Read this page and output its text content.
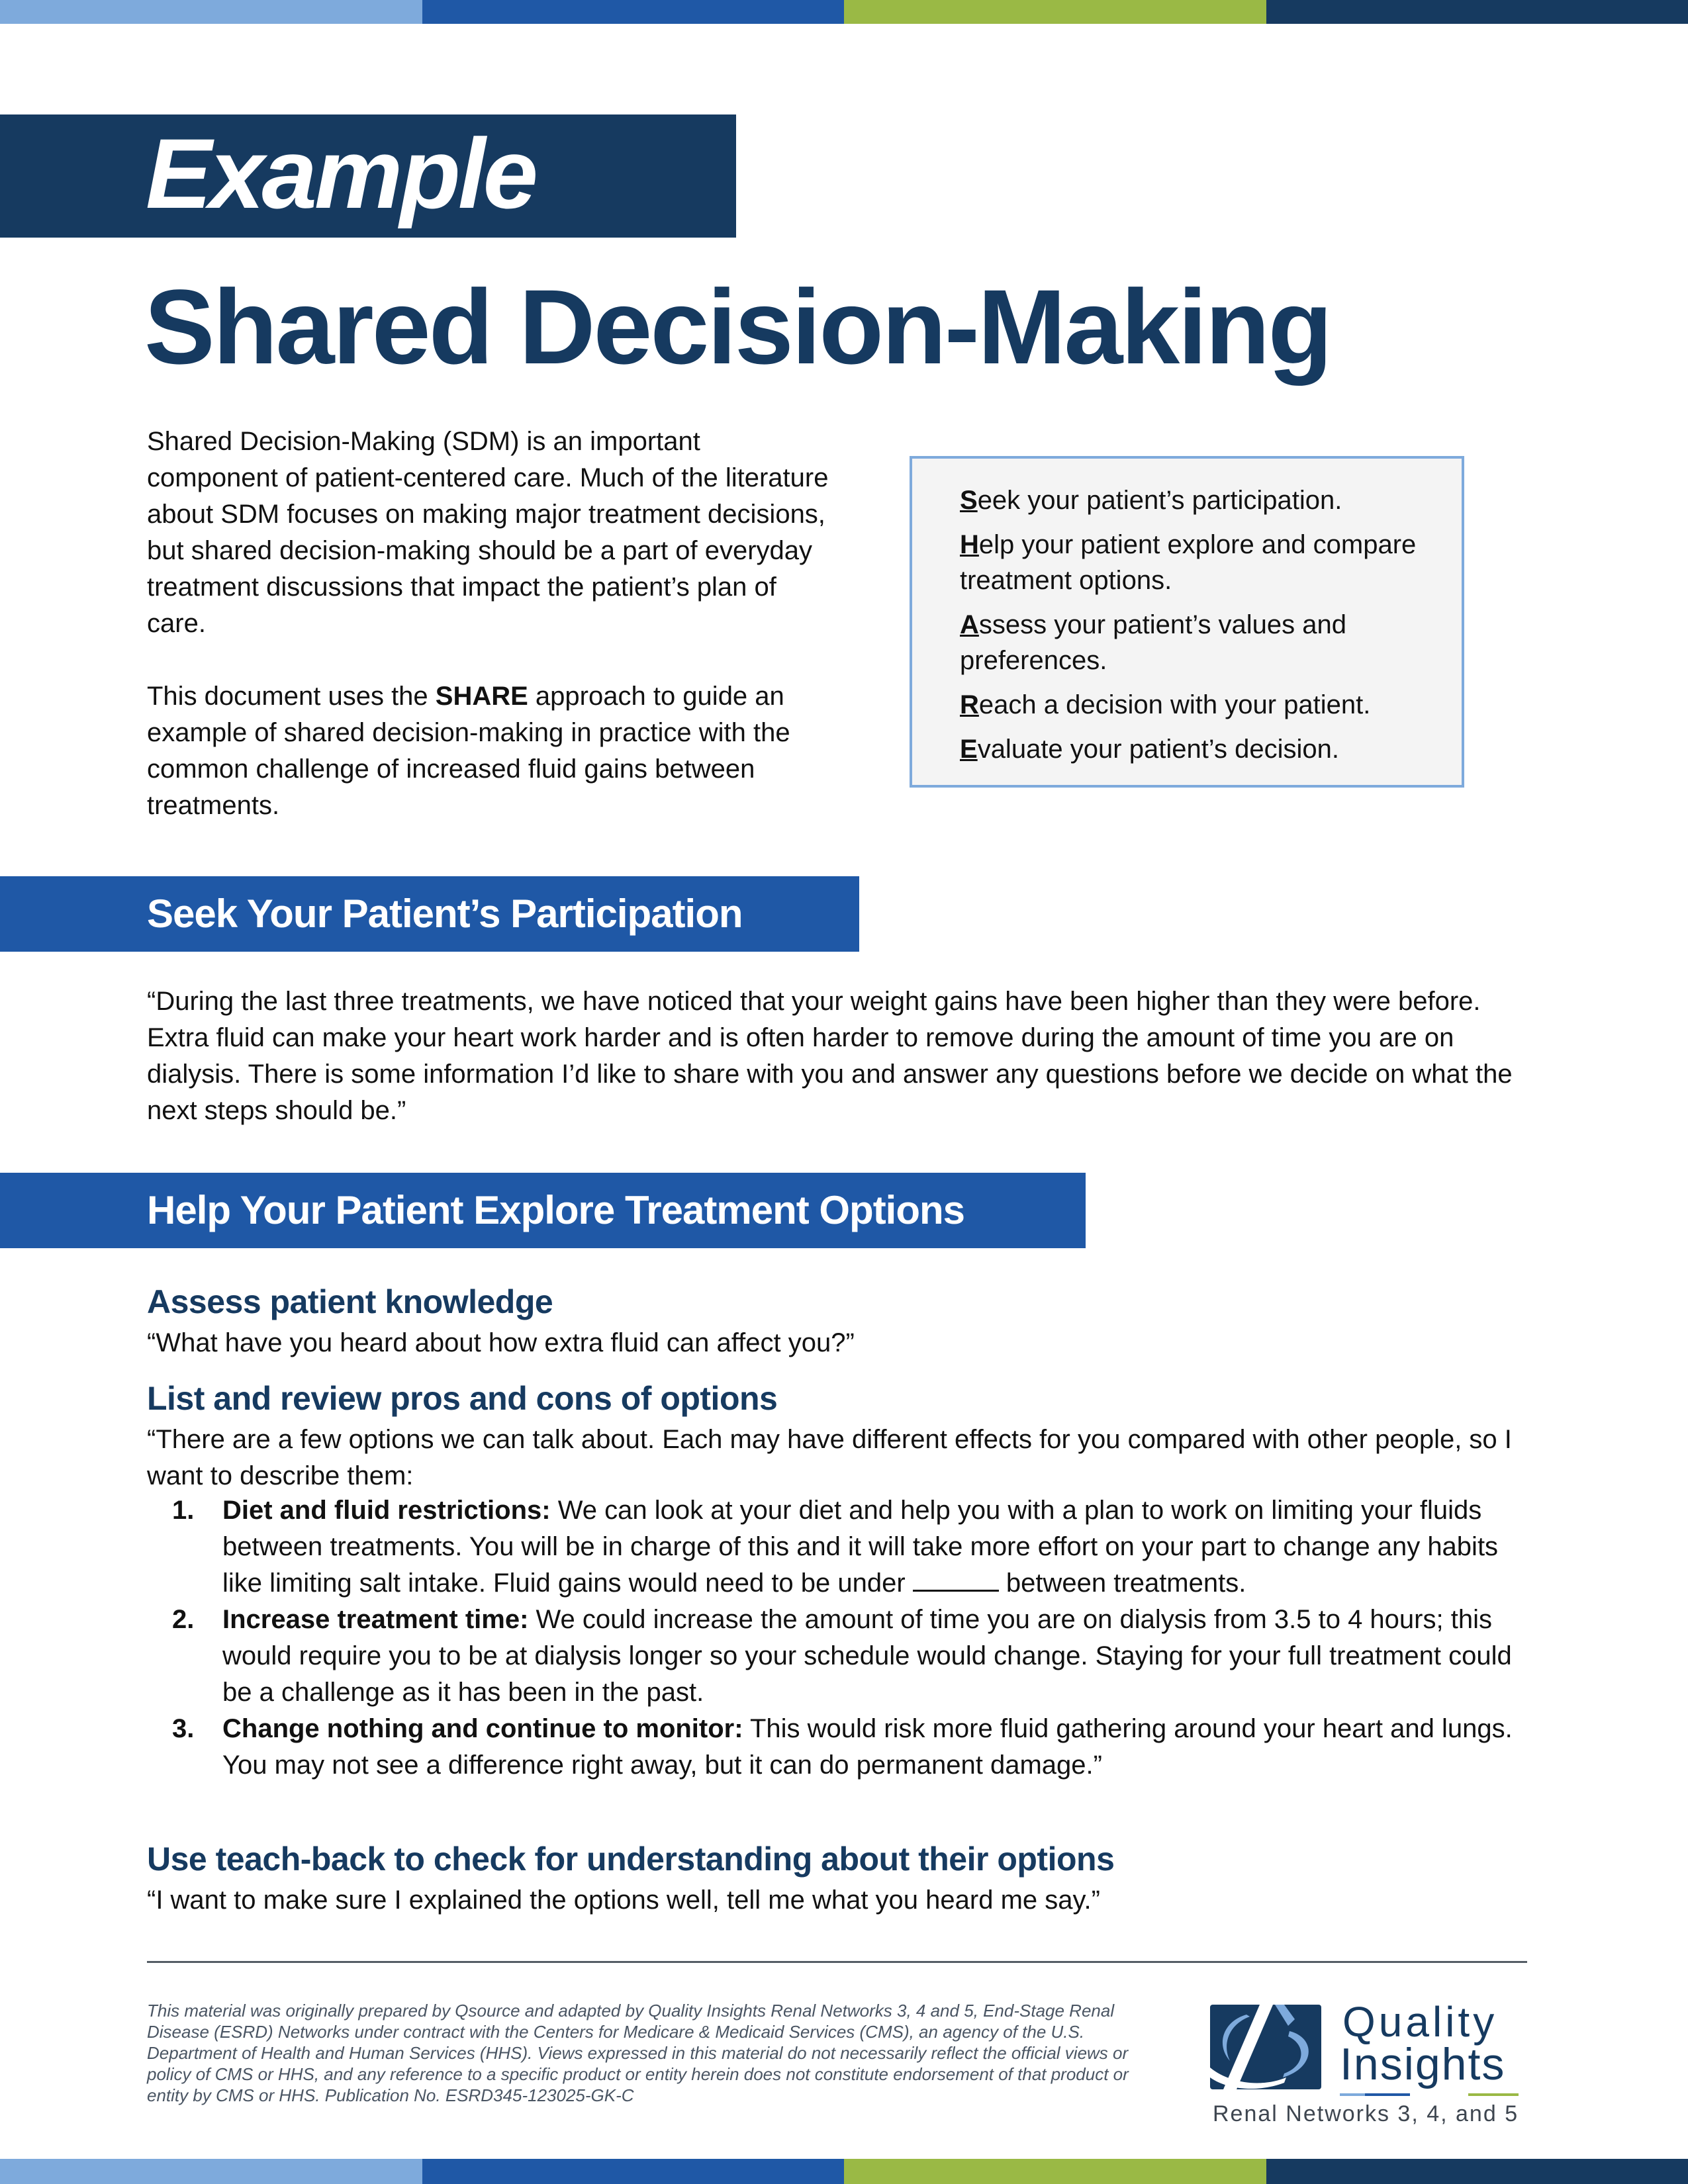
Example
Shared Decision-Making

Shared Decision-Making (SDM) is an important component of patient-centered care. Much of the literature about SDM focuses on making major treatment decisions, but shared decision-making should be a part of everyday treatment discussions that impact the patient’s plan of care.

This document uses the SHARE approach to guide an example of shared decision-making in practice with the common challenge of increased fluid gains between treatments.

Seek your patient’s participation.
Help your patient explore and compare treatment options.
Assess your patient’s values and preferences.
Reach a decision with your patient.
Evaluate your patient’s decision.
Seek Your Patient’s Participation
“During the last three treatments, we have noticed that your weight gains have been higher than they were before. Extra fluid can make your heart work harder and is often harder to remove during the amount of time you are on dialysis. There is some information I’d like to share with you and answer any questions before we decide on what the next steps should be.”
Help Your Patient Explore Treatment Options
Assess patient knowledge
“What have you heard about how extra fluid can affect you?”
List and review pros and cons of options
“There are a few options we can talk about. Each may have different effects for you compared with other people, so I want to describe them:
1. Diet and fluid restrictions: We can look at your diet and help you with a plan to work on limiting your fluids between treatments. You will be in charge of this and it will take more effort on your part to change any habits like limiting salt intake. Fluid gains would need to be under	between treatments.
2. Increase treatment time: We could increase the amount of time you are on dialysis from 3.5 to 4 hours; this would require you to be at dialysis longer so your schedule would change. Staying for your full treatment could be a challenge as it has been in the past.
3. Change nothing and continue to monitor: This would risk more fluid gathering around your heart and lungs. You may not see a difference right away, but it can do permanent damage.”
Use teach-back to check for understanding about their options
“I want to make sure I explained the options well, tell me what you heard me say.”
This material was originally prepared by Qsource and adapted by Quality Insights Renal Networks 3, 4 and 5, End-Stage Renal Disease (ESRD) Networks under contract with the Centers for Medicare & Medicaid Services (CMS), an agency of the U.S. Department of Health and Human Services (HHS). Views expressed in this material do not necessarily reflect the official views or policy of CMS or HHS, and any reference to a specific product or entity herein does not constitute endorsement of that product or entity by CMS or HHS. Publication No. ESRD345-123025-GK-C
Quality
Insights
Renal Networks 3, 4, and 5
